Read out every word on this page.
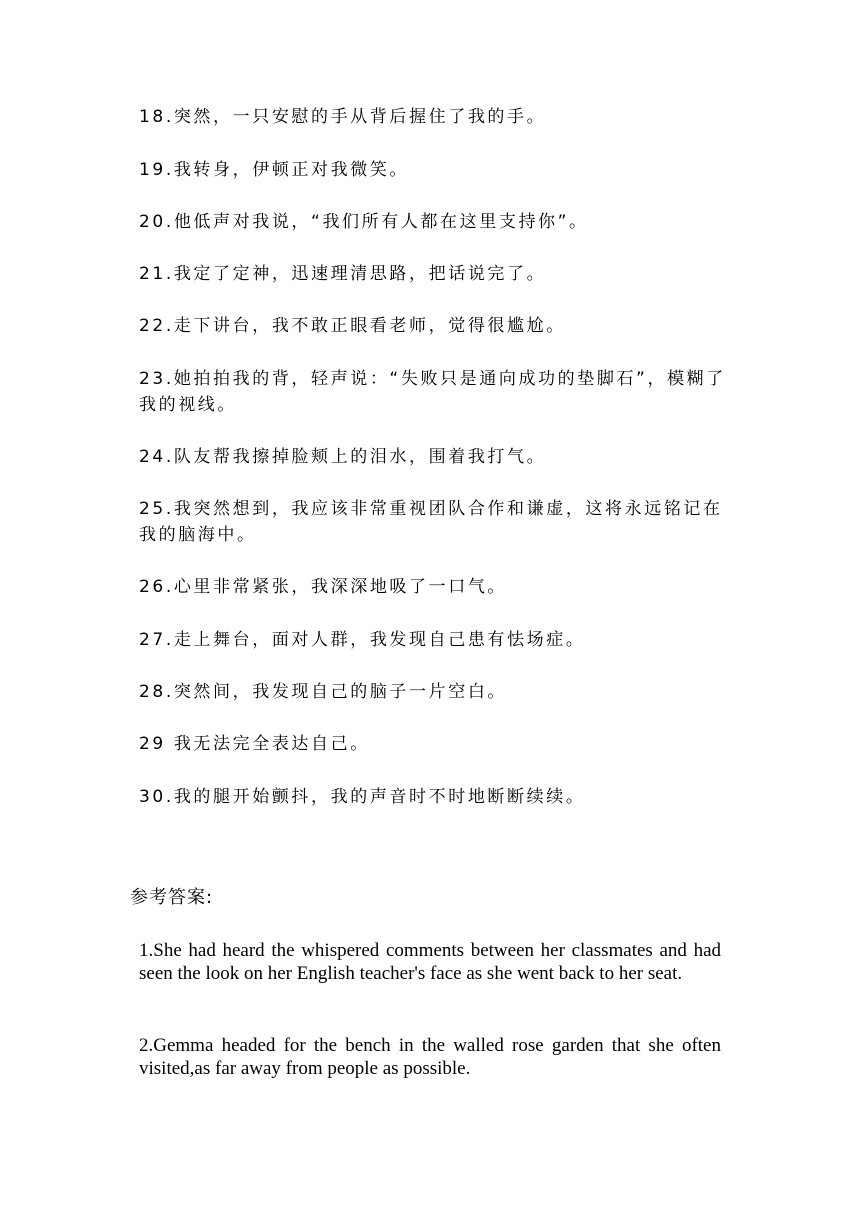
18.突然，一只安慰的手从背后握住了我的手。
19.我转身，伊顿正对我微笑。
20.他低声对我说，“我们所有人都在这里支持你”。
21.我定了定神，迅速理清思路，把话说完了。
22.走下讲台，我不敢正眼看老师，觉得很尴尬。
23.她拍拍我的背，轻声说：“失败只是通向成功的垫脚石”，模糊了我的视线。
24.队友帮我擦掉脸颊上的泪水，围着我打气。
25.我突然想到，我应该非常重视团队合作和谦虚，这将永远铭记在我的脑海中。
26.心里非常紧张，我深深地吸了一口气。
27.走上舞台，面对人群，我发现自己患有怯场症。
28.突然间，我发现自己的脑子一片空白。
29 我无法完全表达自己。
30.我的腿开始颤抖，我的声音时不时地断断续续。
参考答案:
1.She had heard the whispered comments between her classmates and had seen the look on her English teacher's face as she went back to her seat.
2.Gemma headed for the bench in the walled rose garden that she often visited,as far away from people as possible.
